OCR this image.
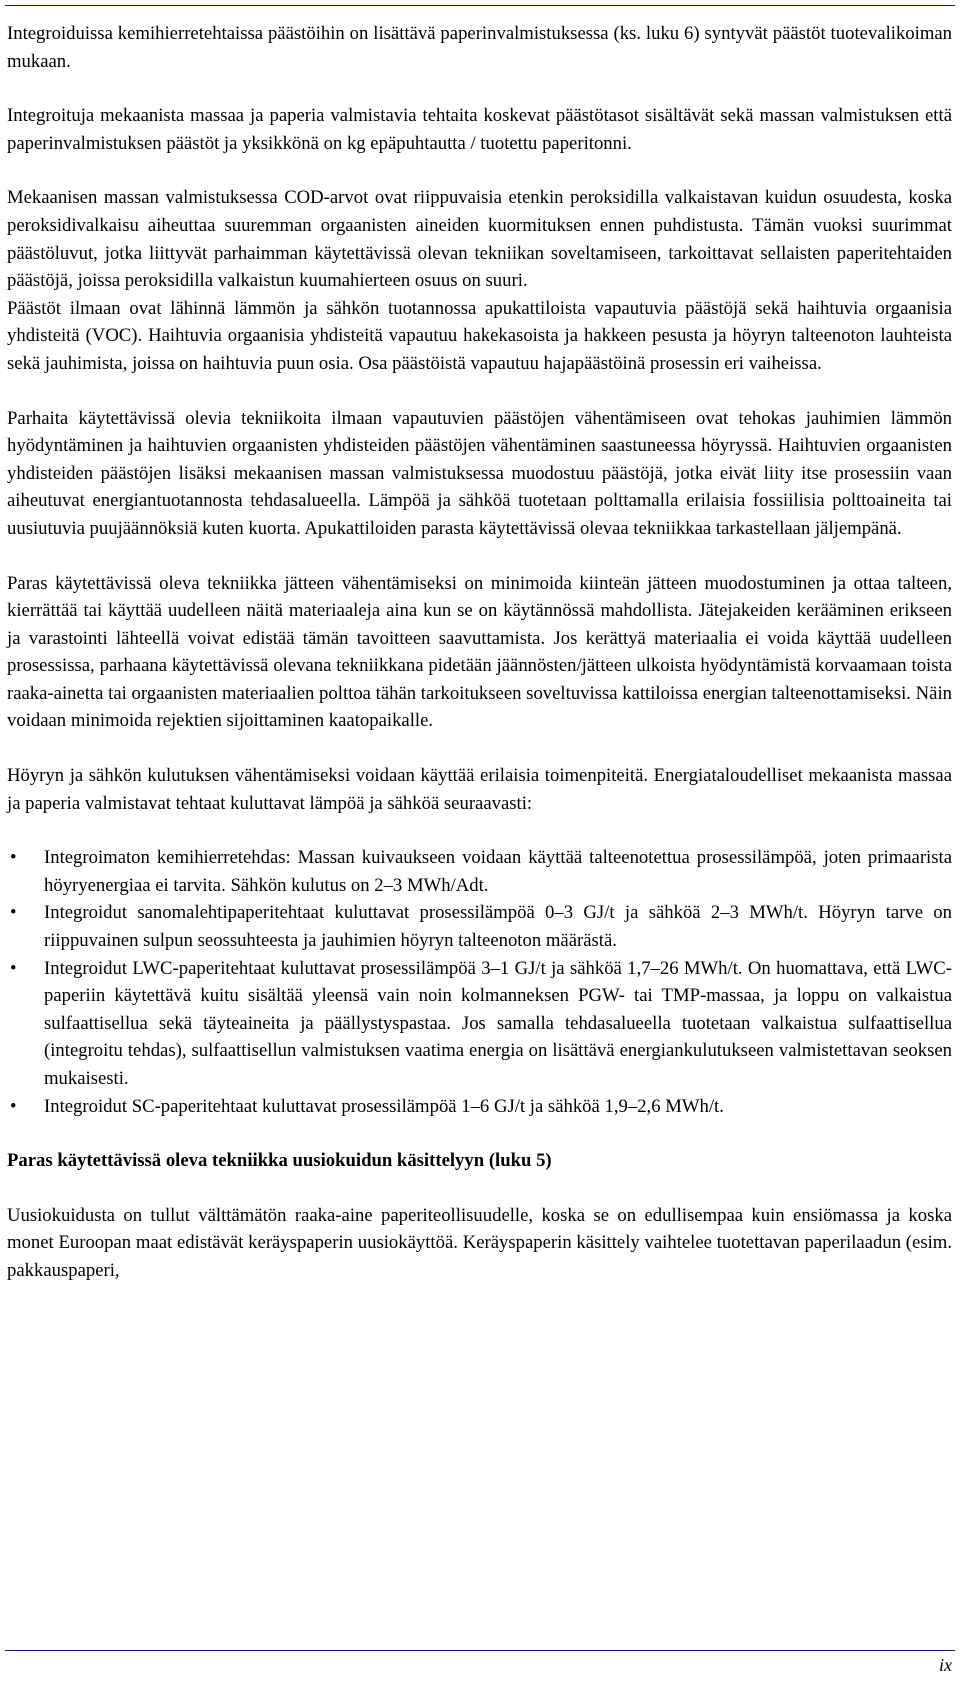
Integroiduissa kemihierretehtaissa päästöihin on lisättävä paperinvalmistuksessa (ks. luku 6) syntyvät päästöt tuotevalikoiman mukaan.

Integroituja mekaanista massaa ja paperia valmistavia tehtaita koskevat päästötasot sisältävät sekä massan valmistuksen että paperinvalmistuksen päästöt ja yksikkönä on kg epäpuhtautta / tuotettu paperitonni.

Mekaanisen massan valmistuksessa COD-arvot ovat riippuvaisia etenkin peroksidilla valkaistavan kuidun osuudesta, koska peroksidivalkaisu aiheuttaa suuremman orgaanisten aineiden kuormituksen ennen puhdistusta. Tämän vuoksi suurimmat päästöluvut, jotka liittyvät parhaimman käytettävissä olevan tekniikan soveltamiseen, tarkoittavat sellaisten paperitehtaiden päästöjä, joissa peroksidilla valkaistun kuumahierteen osuus on suuri.

Päästöt ilmaan ovat lähinnä lämmön ja sähkön tuotannossa apukattiloista vapautuvia päästöjä sekä haihtuvia orgaanisia yhdisteitä (VOC). Haihtuvia orgaanisia yhdisteitä vapautuu hakekasoista ja hakkeen pesusta ja höyryn talteenoton lauhteista sekä jauhimista, joissa on haihtuvia puun osia. Osa päästöistä vapautuu hajapäästöinä prosessin eri vaiheissa.

Parhaita käytettävissä olevia tekniikoita ilmaan vapautuvien päästöjen vähentämiseen ovat tehokas jauhimien lämmön hyödyntäminen ja haihtuvien orgaanisten yhdisteiden päästöjen vähentäminen saastuneessa höyryssä. Haihtuvien orgaanisten yhdisteiden päästöjen lisäksi mekaanisen massan valmistuksessa muodostuu päästöjä, jotka eivät liity itse prosessiin vaan aiheutuvat energiantuotannosta tehdasalueella. Lämpöä ja sähköä tuotetaan polttamalla erilaisia fossiilisia polttoaineita tai uusiutuvia puujäännöksiä kuten kuorta. Apukattiloiden parasta käytettävissä olevaa tekniikkaa tarkastellaan jäljempänä.

Paras käytettävissä oleva tekniikka jätteen vähentämiseksi on minimoida kiinteän jätteen muodostuminen ja ottaa talteen, kierrättää tai käyttää uudelleen näitä materiaaleja aina kun se on käytännössä mahdollista. Jätejakeiden kerääminen erikseen ja varastointi lähteellä voivat edistää tämän tavoitteen saavuttamista. Jos kerättyä materiaalia ei voida käyttää uudelleen prosessissa, parhaana käytettävissä olevana tekniikkana pidetään jäännösten/jätteen ulkoista hyödyntämistä korvaamaan toista raaka-ainetta tai orgaanisten materiaalien polttoa tähän tarkoitukseen soveltuvissa kattiloissa energian talteenottamiseksi. Näin voidaan minimoida rejektien sijoittaminen kaatopaikalle.

Höyryn ja sähkön kulutuksen vähentämiseksi voidaan käyttää erilaisia toimenpiteitä. Energiataloudelliset mekaanista massaa ja paperia valmistavat tehtaat kuluttavat lämpöä ja sähköä seuraavasti:

• Integroimaton kemihierretehdas: Massan kuivaukseen voidaan käyttää talteenotettua prosessilämpöä, joten primaarista höyryenergiaa ei tarvita. Sähkön kulutus on 2–3 MWh/Adt.
• Integroidut sanomalehtipaperitehtaat kuluttavat prosessilämpöä 0–3 GJ/t ja sähköä 2–3 MWh/t. Höyryn tarve on riippuvainen sulpun seossuhteesta ja jauhimien höyryn talteenoton määrästä.
• Integroidut LWC-paperitehtaat kuluttavat prosessilämpöä 3–1 GJ/t ja sähköä 1,7–26 MWh/t. On huomattava, että LWC-paperiin käytettävä kuitu sisältää yleensä vain noin kolmanneksen PGW- tai TMP-massaa, ja loppu on valkaistua sulfaattisellua sekä täyteaineita ja päällystyspastaa. Jos samalla tehdasalueella tuotetaan valkaistua sulfaattisellua (integroitu tehdas), sulfaattisellun valmistuksen vaatima energia on lisättävä energiankulutukseen valmistettavan seoksen mukaisesti.
• Integroidut SC-paperitehtaat kuluttavat prosessilämpöä 1–6 GJ/t ja sähköä 1,9–2,6 MWh/t.
Paras käytettävissä oleva tekniikka uusiokuidun käsittelyyn (luku 5)

Uusiokuidusta on tullut välttämätön raaka-aine paperiteollisuudelle, koska se on edullisempaa kuin ensiömassa ja koska monet Euroopan maat edistävät keräyspaperin uusiokäyttöä. Keräyspaperin käsittely vaihtelee tuotettavan paperilaadun (esim. pakkauspaperi,

ix
